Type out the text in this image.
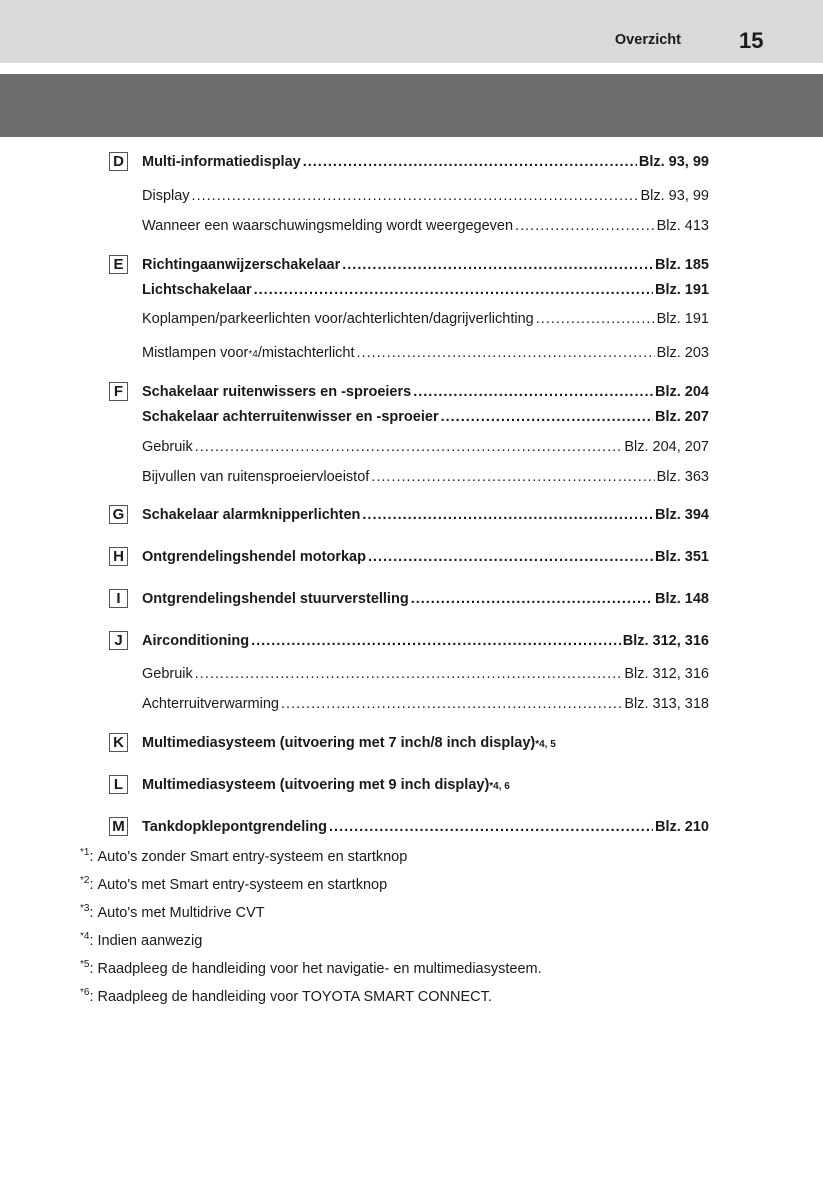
Overzicht	15
D Multi-informatiedisplay .....	Blz. 93, 99
Display .....	Blz. 93, 99
Wanneer een waarschuwingsmelding wordt weergegeven .....	Blz. 413
E	Richtingaanwijzerschakelaar .....	Blz. 185
Lichtschakelaar .....	Blz. 191
Koplampen/parkeerlichten voor/achterlichten/dagrijverlichting .....	Blz. 191
Mistlampen voor *4 /mistachterlicht .....	Blz. 203
F	Schakelaar ruitenwissers en -sproeiers .....	Blz. 204
Schakelaar achterruitenwisser en -sproeier .....	Blz. 207
Gebruik .....	Blz. 204, 207
Bijvullen van ruitensproeiervloeistof .....	Blz. 363
G Schakelaar alarmknipperlichten .....	Blz. 394
H Ontgrendelingshendel motorkap .....	Blz. 351
I	Ontgrendelingshendel stuurverstelling .....	Blz. 148
J	Airconditioning .....	Blz. 312, 316
Gebruik .....	Blz. 312, 316
Achterruitverwarming .....	Blz. 313, 318
K Multimediasysteem (uitvoering met 7 inch/8 inch display) *4, 5
L	Multimediasysteem (uitvoering met 9 inch display) *4, 6
M Tankdopklepontgrendeling .....	Blz. 210
$^{*1}$: Auto's zonder Smart entry-systeem en startknop
$^{*2}$: Auto's met Smart entry-systeem en startknop
$^{*3}$: Auto's met Multidrive CVT
$^{*4}$: Indien aanwezig
$^{*5}$: Raadpleeg de handleiding voor het navigatie- en multimediasysteem.
$^{*6}$: Raadpleeg de handleiding voor TOYOTA SMART CONNECT.
